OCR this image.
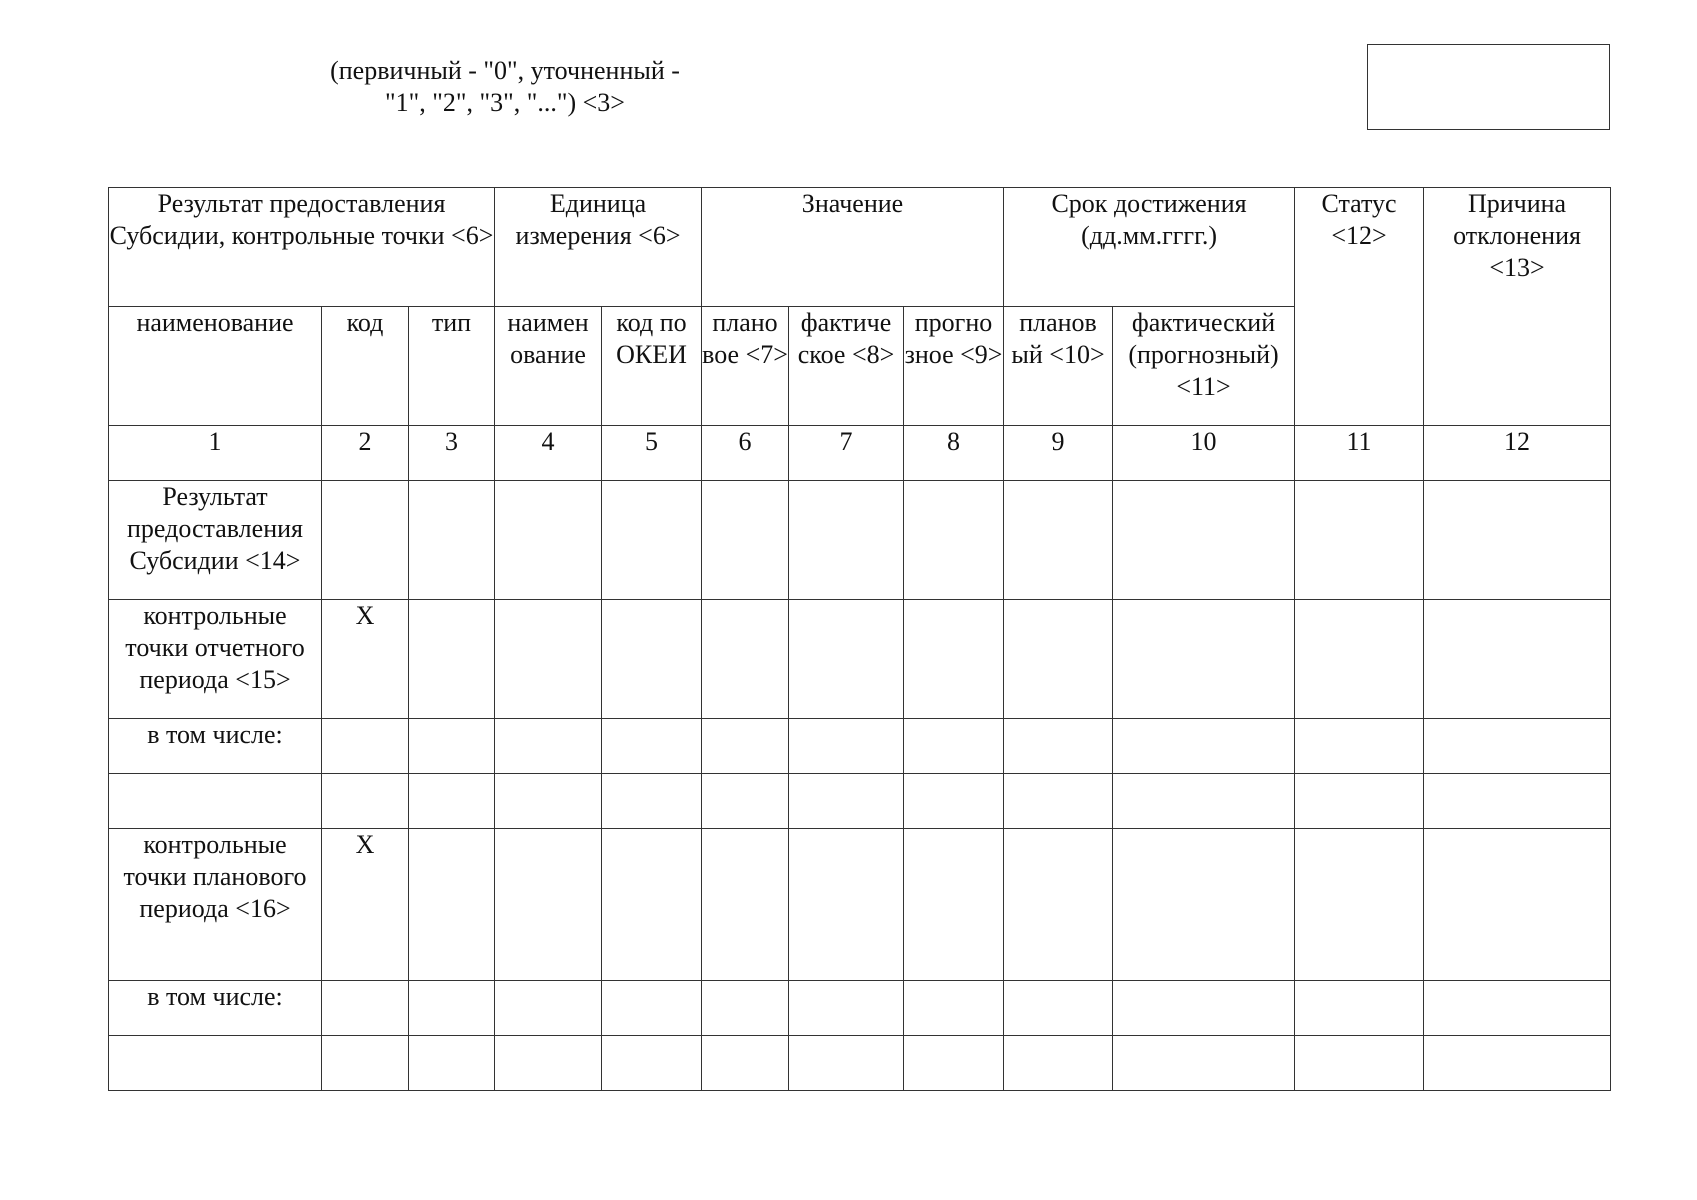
(первичный - "0", уточненный -
"1", "2", "3", "...") <3>
Результат предоставления Субсидии, контрольные точки <6>			Единица измерения <6>		Значение			Срок достижения (дд.мм.гггг.)		Статус <12>	Причина отклонения <13>
наименование	код	тип	наимен ование	код по ОКЕИ	плано вое <7>	фактиче ское <8>	прогно зное <9>	планов ый <10>	фактический (прогнозный) <11>		
1	2	3	4	5	6	7	8	9	10	11	12
Результат предоставления Субсидии <14>											
контрольные точки отчетного периода <15>	X										
в том числе:											

контрольные точки планового периода <16>	X										
в том числе:											
